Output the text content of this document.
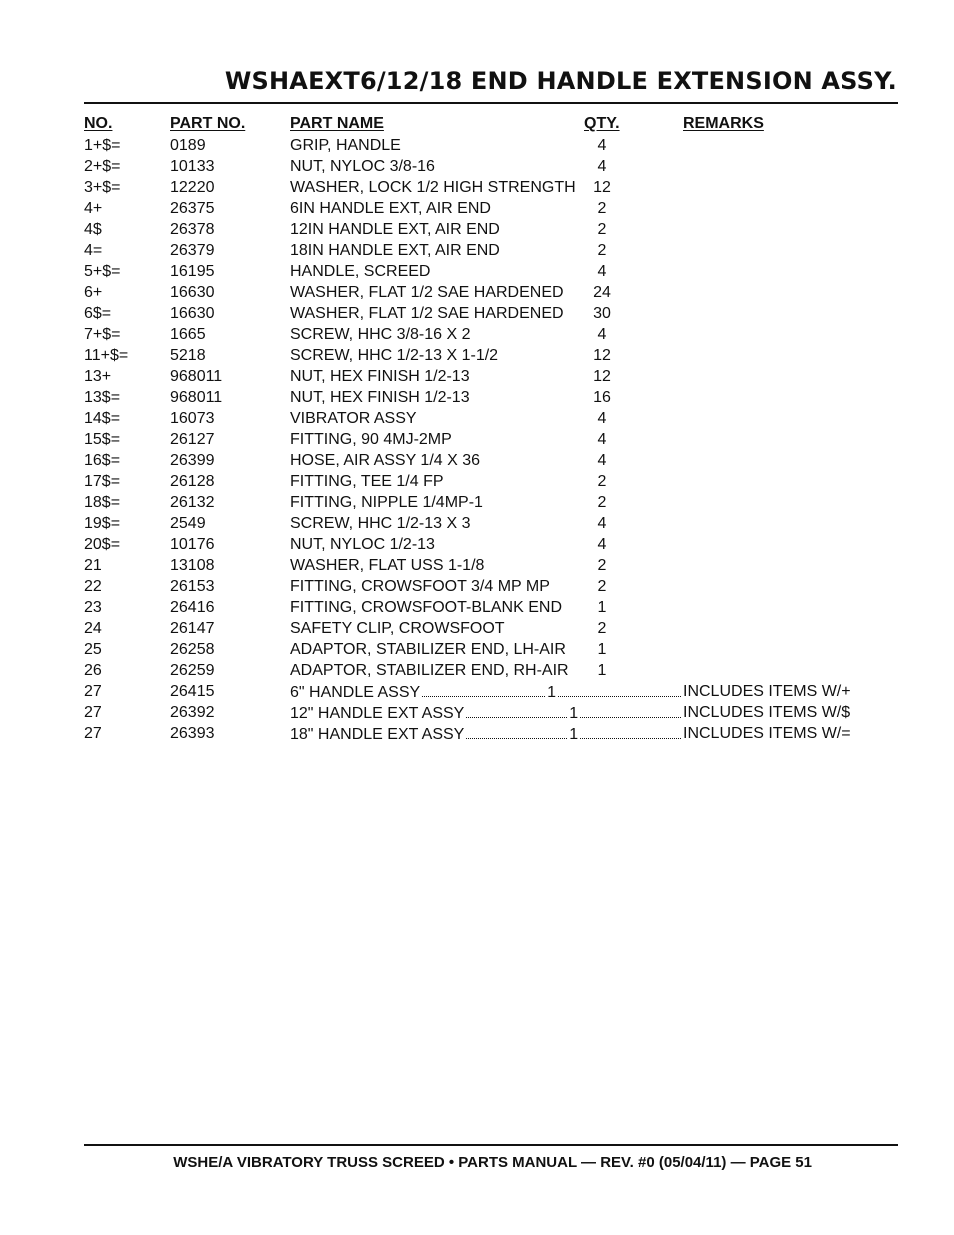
WSHAEXT6/12/18 END HANDLE EXTENSION ASSY.
NO.	PART NO.	PART NAME	QTY.	REMARKS
1+$=	0189	GRIP, HANDLE	4
2+$=	10133	NUT, NYLOC 3/8-16	4
3+$=	12220	WASHER, LOCK 1/2 HIGH STRENGTH	12
4+	26375	6IN HANDLE EXT, AIR END	2
4$	26378	12IN HANDLE EXT, AIR END	2
4=	26379	18IN HANDLE EXT, AIR END	2
5+$=	16195	HANDLE, SCREED	4
6+	16630	WASHER, FLAT 1/2 SAE HARDENED	24
6$=	16630	WASHER, FLAT 1/2 SAE HARDENED	30
7+$=	1665	SCREW, HHC 3/8-16 X 2	4
11+$=	5218	SCREW, HHC 1/2-13 X 1-1/2	12
13+	968011	NUT, HEX FINISH 1/2-13	12
13$=	968011	NUT, HEX FINISH 1/2-13	16
14$=	16073	VIBRATOR ASSY	4
15$=	26127	FITTING, 90 4MJ-2MP	4
16$=	26399	HOSE, AIR ASSY 1/4 X 36	4
17$=	26128	FITTING, TEE 1/4 FP	2
18$=	26132	FITTING, NIPPLE 1/4MP-1	2
19$=	2549	SCREW, HHC 1/2-13 X 3	4
20$=	10176	NUT, NYLOC 1/2-13	4
21	13108	WASHER, FLAT USS 1-1/8	2
22	26153	FITTING, CROWSFOOT 3/4 MP MP	2
23	26416	FITTING, CROWSFOOT-BLANK END	1
24	26147	SAFETY CLIP, CROWSFOOT	2
25	26258	ADAPTOR, STABILIZER END, LH-AIR	1
26	26259	ADAPTOR, STABILIZER END, RH-AIR	1
27	26415	6" HANDLE ASSY	1	INCLUDES ITEMS W/+
27	26392	12" HANDLE EXT ASSY	1	INCLUDES ITEMS W/$
27	26393	18" HANDLE EXT ASSY	1	INCLUDES ITEMS W/=
WSHE/A VIBRATORY TRUSS SCREED • PARTS MANUAL — REV. #0 (05/04/11) — PAGE 51
